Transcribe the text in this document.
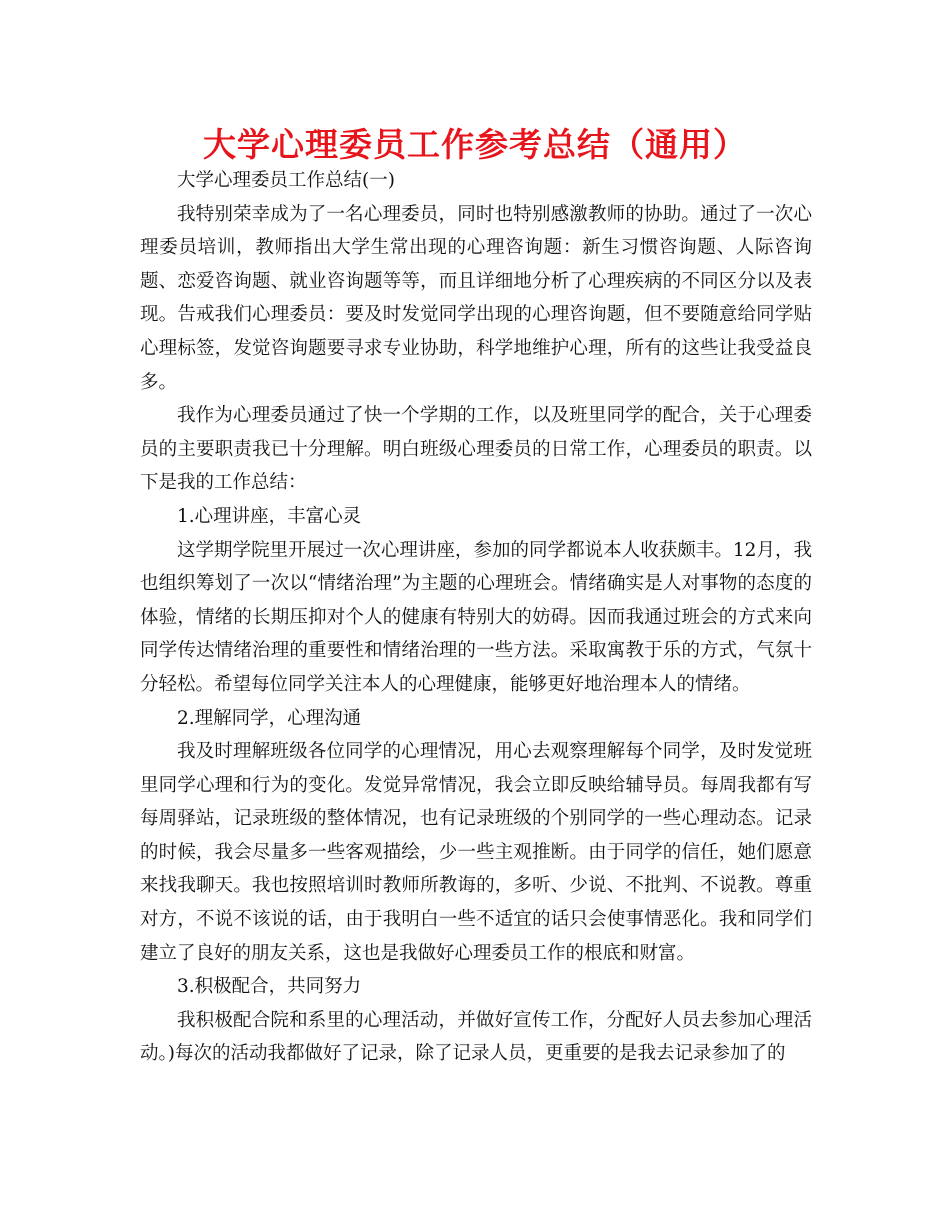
大学心理委员工作参考总结（通用）

大学心理委员工作总结(一)

我特别荣幸成为了一名心理委员，同时也特别感激教师的协助。通过了一次心理委员培训，教师指出大学生常出现的心理咨询题：新生习惯咨询题、人际咨询题、恋爱咨询题、就业咨询题等等，而且详细地分析了心理疾病的不同区分以及表现。告戒我们心理委员：要及时发觉同学出现的心理咨询题，但不要随意给同学贴心理标签，发觉咨询题要寻求专业协助，科学地维护心理，所有的这些让我受益良多。

我作为心理委员通过了快一个学期的工作，以及班里同学的配合，关于心理委员的主要职责我已十分理解。明白班级心理委员的日常工作，心理委员的职责。以下是我的工作总结：

1.心理讲座，丰富心灵

这学期学院里开展过一次心理讲座，参加的同学都说本人收获颇丰。12月，我也组织筹划了一次以“情绪治理”为主题的心理班会。情绪确实是人对事物的态度的体验，情绪的长期压抑对个人的健康有特别大的妨碍。因而我通过班会的方式来向同学传达情绪治理的重要性和情绪治理的一些方法。采取寓教于乐的方式，气氛十分轻松。希望每位同学关注本人的心理健康，能够更好地治理本人的情绪。

2.理解同学，心理沟通

我及时理解班级各位同学的心理情况，用心去观察理解每个同学，及时发觉班里同学心理和行为的变化。发觉异常情况，我会立即反映给辅导员。每周我都有写每周驿站，记录班级的整体情况，也有记录班级的个别同学的一些心理动态。记录的时候，我会尽量多一些客观描绘，少一些主观推断。由于同学的信任，她们愿意来找我聊天。我也按照培训时教师所教诲的，多听、少说、不批判、不说教。尊重对方，不说不该说的话，由于我明白一些不适宜的话只会使事情恶化。我和同学们建立了良好的朋友关系，这也是我做好心理委员工作的根底和财富。

3.积极配合，共同努力

我积极配合院和系里的心理活动，并做好宣传工作，分配好人员去参加心理活动。)每次的活动我都做好了记录，除了记录人员，更重要的是我去记录参加了的
